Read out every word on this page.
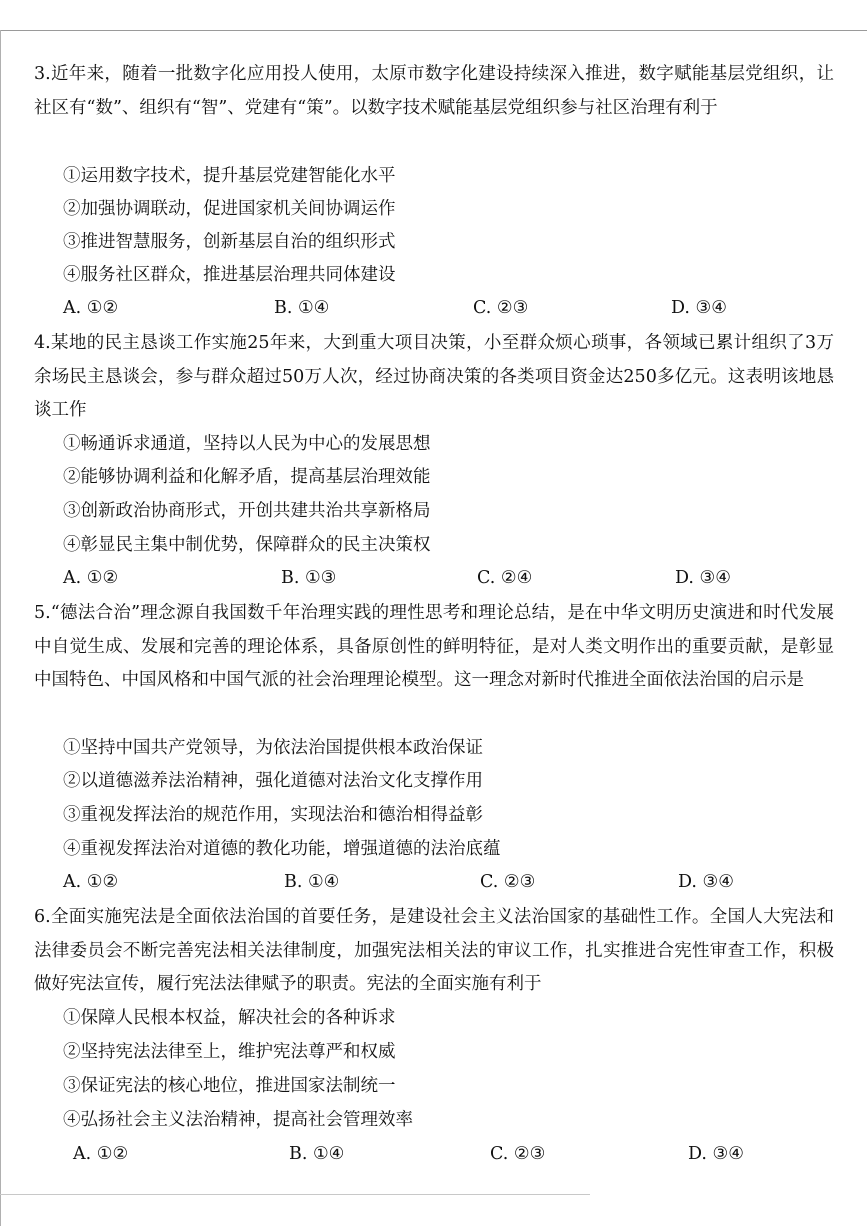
3.近年来，随着一批数字化应用投人使用，太原市数字化建设持续深入推进，数字赋能基层党组织，让社区有“数”、组织有“智”、党建有“策”。以数字技术赋能基层党组织参与社区治理有利于

①运用数字技术，提升基层党建智能化水平
②加强协调联动，促进国家机关间协调运作
③推进智慧服务，创新基层自治的组织形式
④服务社区群众，推进基层治理共同体建设
A. ①②	B. ①④	C. ②③	D. ③④

4.某地的民主恳谈工作实施25年来，大到重大项目决策，小至群众烦心琐事，各领域已累计组织了3万余场民主恳谈会，参与群众超过50万人次，经过协商决策的各类项目资金达250多亿元。这表明该地恳谈工作

①畅通诉求通道，坚持以人民为中心的发展思想
②能够协调利益和化解矛盾，提高基层治理效能
③创新政治协商形式，开创共建共治共享新格局
④彰显民主集中制优势，保障群众的民主决策权
A. ①②	B. ①③	C. ②④	D. ③④

5.“德法合治”理念源自我国数千年治理实践的理性思考和理论总结，是在中华文明历史演进和时代发展中自觉生成、发展和完善的理论体系，具备原创性的鲜明特征，是对人类文明作出的重要贡献，是彰显中国特色、中国风格和中国气派的社会治理理论模型。这一理念对新时代推进全面依法治国的启示是

①坚持中国共产党领导，为依法治国提供根本政治保证
②以道德滋养法治精神，强化道德对法治文化支撑作用
③重视发挥法治的规范作用，实现法治和德治相得益彰
④重视发挥法治对道德的教化功能，增强道德的法治底蕴
A. ①②	B. ①④	C. ②③	D. ③④

6.全面实施宪法是全面依法治国的首要任务，是建设社会主义法治国家的基础性工作。全国人大宪法和法律委员会不断完善宪法相关法律制度，加强宪法相关法的审议工作，扎实推进合宪性审查工作，积极做好宪法宣传，履行宪法法律赋予的职责。宪法的全面实施有利于

①保障人民根本权益，解决社会的各种诉求
②坚持宪法法律至上，维护宪法尊严和权威
③保证宪法的核心地位，推进国家法制统一
④弘扬社会主义法治精神，提高社会管理效率
A. ①②	B. ①④	C. ②③	D. ③④
